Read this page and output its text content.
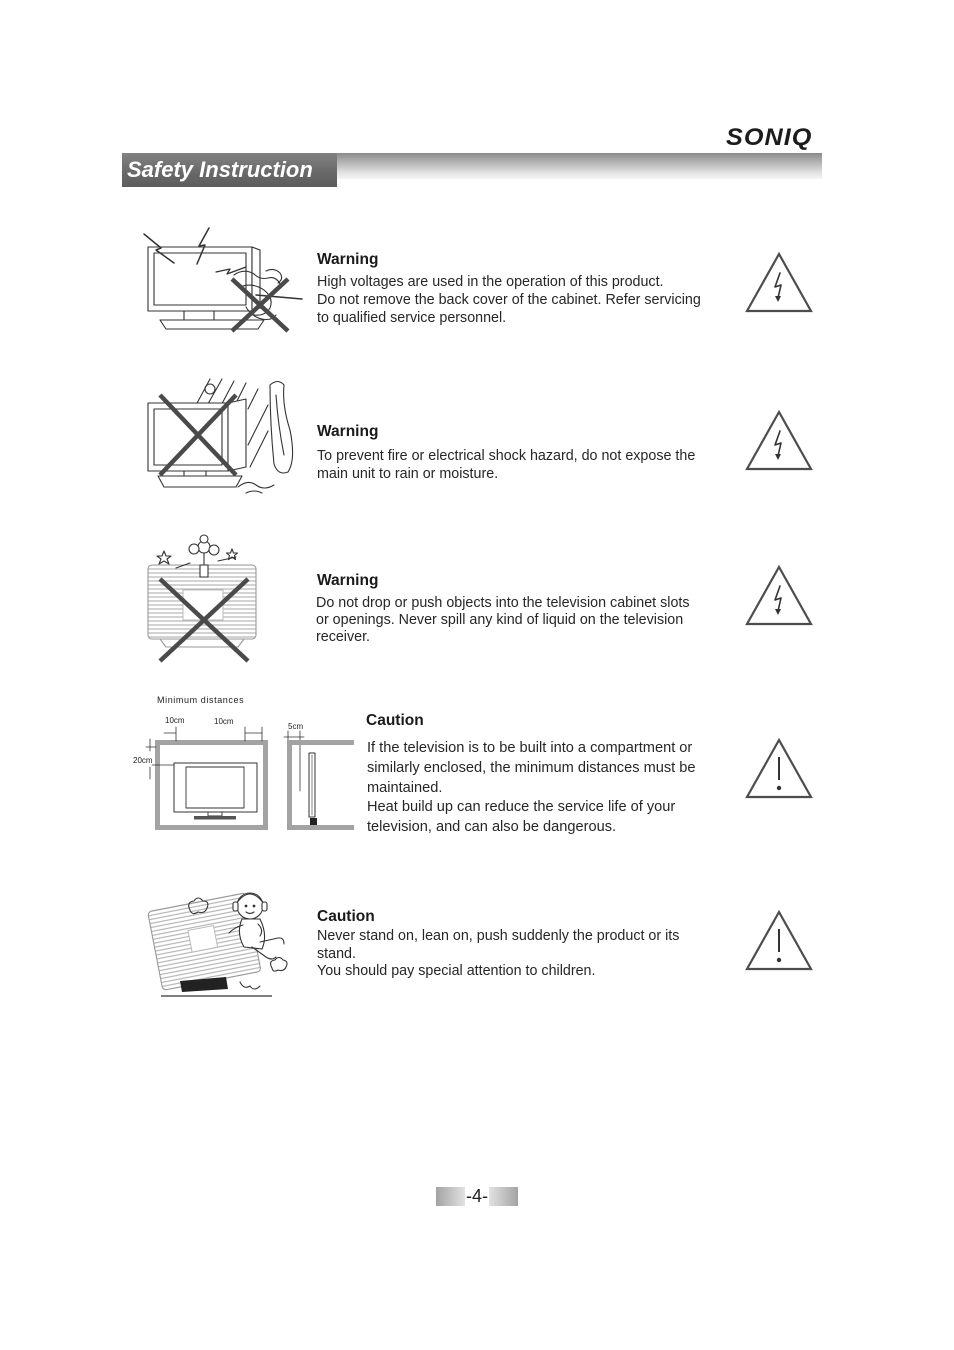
SONIQ
Safety Instruction
Warning
High voltages are used in the operation of this product.
Do not remove the back cover of the cabinet. Refer servicing
to qualified service personnel.
Warning
To prevent fire or electrical shock hazard, do not expose the
main unit to rain or moisture.
Warning
Do not drop or push objects into the television cabinet slots
or openings. Never spill any kind of liquid on the television
receiver.
Minimum distances
10cm	10cm
5cm
20cm
Caution
If the television is to be built into a compartment or
similarly enclosed, the minimum distances must be
maintained.
Heat build up can reduce the service life of your
television, and can also be dangerous.
Caution
Never stand on, lean on, push suddenly the product or its
stand.
You should pay special attention to children.
-4-
